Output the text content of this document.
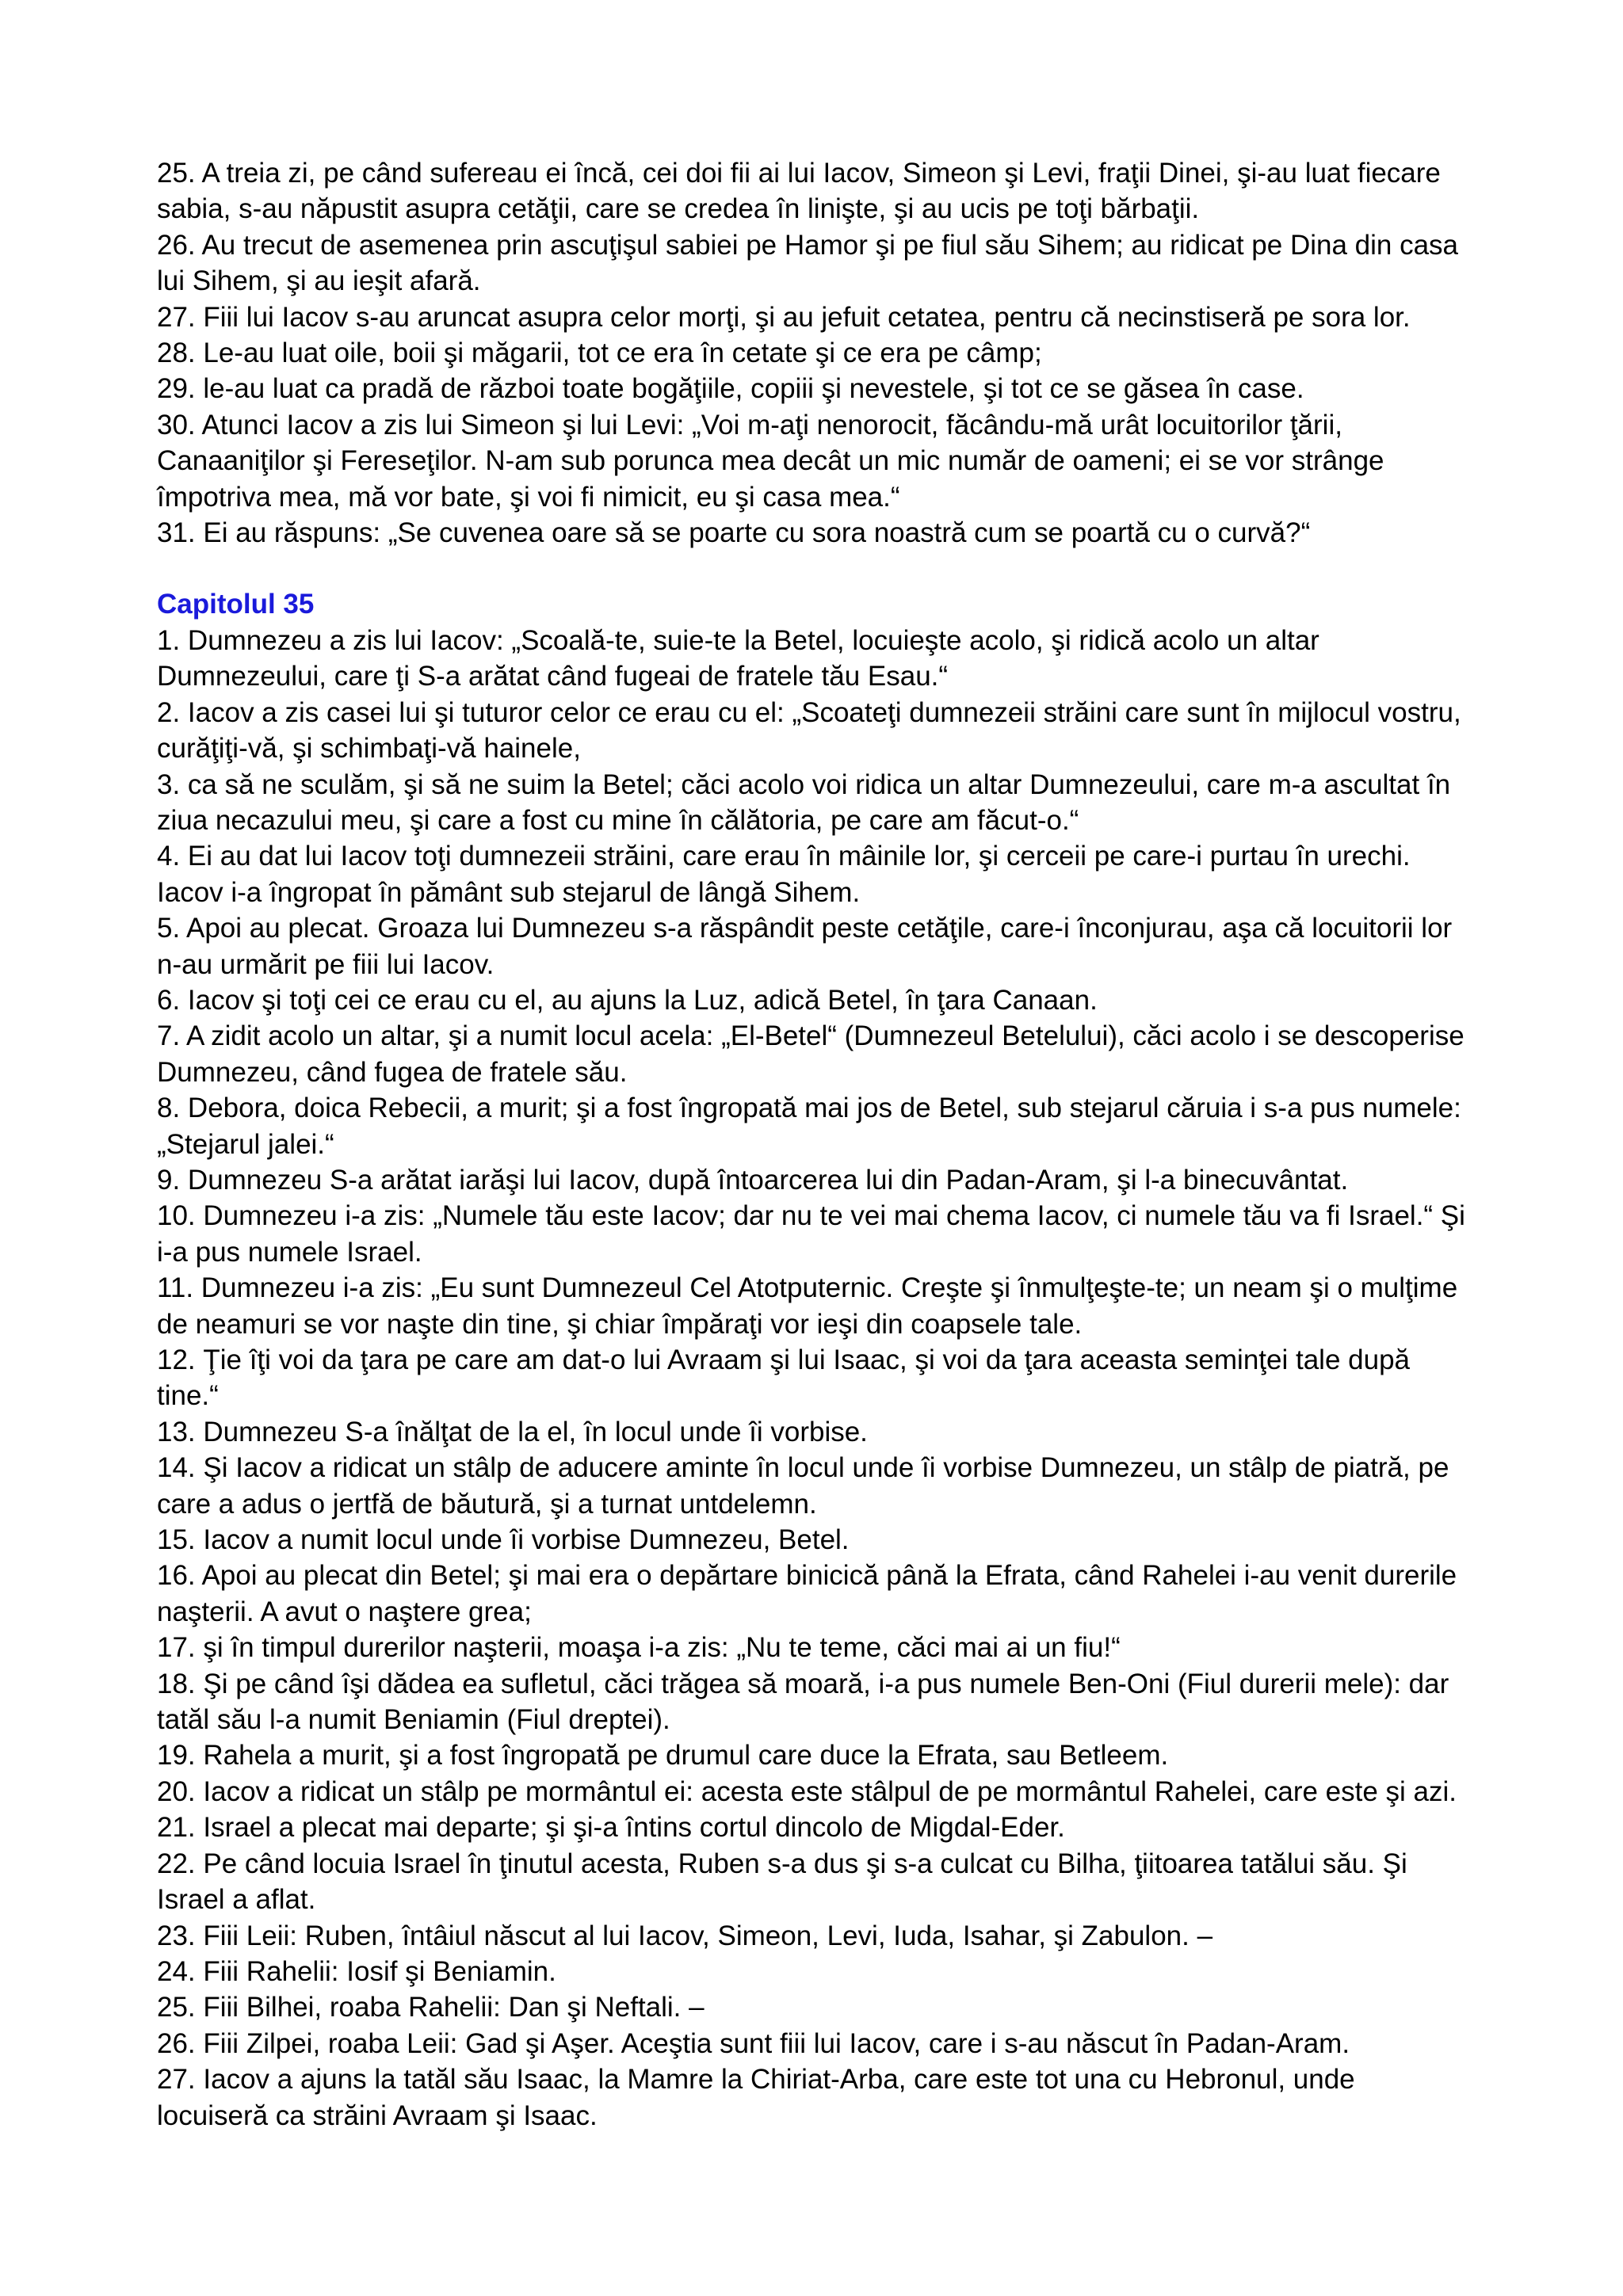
25. A treia zi, pe când sufereau ei încă, cei doi fii ai lui Iacov, Simeon şi Levi, fraţii Dinei, şi-au luat fiecare sabia, s-au năpustit asupra cetăţii, care se credea în linişte, şi au ucis pe toţi bărbaţii.

26. Au trecut de asemenea prin ascuţişul sabiei pe Hamor şi pe fiul său Sihem; au ridicat pe Dina din casa lui Sihem, şi au ieşit afară.

27. Fiii lui Iacov s-au aruncat asupra celor morţi, şi au jefuit cetatea, pentru că necinstiseră pe sora lor.

28. Le-au luat oile, boii şi măgarii, tot ce era în cetate şi ce era pe câmp;

29. le-au luat ca pradă de război toate bogăţiile, copiii şi nevestele, şi tot ce se găsea în case.

30. Atunci Iacov a zis lui Simeon şi lui Levi: „Voi m-aţi nenorocit, făcându-mă urât locuitorilor ţării, Canaaniţilor şi Fereseţilor. N-am sub porunca mea decât un mic număr de oameni; ei se vor strânge împotriva mea, mă vor bate, şi voi fi nimicit, eu şi casa mea.“

31. Ei au răspuns: „Se cuvenea oare să se poarte cu sora noastră cum se poartă cu o curvă?“

Capitolul 35

1. Dumnezeu a zis lui Iacov: „Scoală-te, suie-te la Betel, locuieşte acolo, şi ridică acolo un altar Dumnezeului, care ţi S-a arătat când fugeai de fratele tău Esau.“

2. Iacov a zis casei lui şi tuturor celor ce erau cu el: „Scoateţi dumnezeii străini care sunt în mijlocul vostru, curăţiţi-vă, şi schimbaţi-vă hainele,

3. ca să ne sculăm, şi să ne suim la Betel; căci acolo voi ridica un altar Dumnezeului, care m-a ascultat în ziua necazului meu, şi care a fost cu mine în călătoria, pe care am făcut-o.“

4. Ei au dat lui Iacov toţi dumnezeii străini, care erau în mâinile lor, şi cerceii pe care-i purtau în urechi. Iacov i-a îngropat în pământ sub stejarul de lângă Sihem.

5. Apoi au plecat. Groaza lui Dumnezeu s-a răspândit peste cetăţile, care-i înconjurau, aşa că locuitorii lor n-au urmărit pe fiii lui Iacov.

6. Iacov şi toţi cei ce erau cu el, au ajuns la Luz, adică Betel, în ţara Canaan.

7. A zidit acolo un altar, şi a numit locul acela: „El-Betel“ (Dumnezeul Betelului), căci acolo i se descoperise Dumnezeu, când fugea de fratele său.

8. Debora, doica Rebecii, a murit; şi a fost îngropată mai jos de Betel, sub stejarul căruia i s-a pus numele: „Stejarul jalei.“

9. Dumnezeu S-a arătat iarăşi lui Iacov, după întoarcerea lui din Padan-Aram, şi l-a binecuvântat.

10. Dumnezeu i-a zis: „Numele tău este Iacov; dar nu te vei mai chema Iacov, ci numele tău va fi Israel.“ Şi i-a pus numele Israel.

11. Dumnezeu i-a zis: „Eu sunt Dumnezeul Cel Atotputernic. Creşte şi înmulţeşte-te; un neam şi o mulţime de neamuri se vor naşte din tine, şi chiar împăraţi vor ieşi din coapsele tale.

12. Ţie îţi voi da ţara pe care am dat-o lui Avraam şi lui Isaac, şi voi da ţara aceasta seminţei tale după tine.“

13. Dumnezeu S-a înălţat de la el, în locul unde îi vorbise.

14. Şi Iacov a ridicat un stâlp de aducere aminte în locul unde îi vorbise Dumnezeu, un stâlp de piatră, pe care a adus o jertfă de băutură, şi a turnat untdelemn.

15. Iacov a numit locul unde îi vorbise Dumnezeu, Betel.

16. Apoi au plecat din Betel; şi mai era o depărtare binicică până la Efrata, când Rahelei i-au venit durerile naşterii. A avut o naştere grea;

17. şi în timpul durerilor naşterii, moaşa i-a zis: „Nu te teme, căci mai ai un fiu!“

18. Şi pe când îşi dădea ea sufletul, căci trăgea să moară, i-a pus numele Ben-Oni (Fiul durerii mele): dar tatăl său l-a numit Beniamin (Fiul dreptei).

19. Rahela a murit, şi a fost îngropată pe drumul care duce la Efrata, sau Betleem.

20. Iacov a ridicat un stâlp pe mormântul ei: acesta este stâlpul de pe mormântul Rahelei, care este şi azi.

21. Israel a plecat mai departe; şi şi-a întins cortul dincolo de Migdal-Eder.

22. Pe când locuia Israel în ţinutul acesta, Ruben s-a dus şi s-a culcat cu Bilha, ţiitoarea tatălui său. Şi Israel a aflat.

23. Fiii Leii: Ruben, întâiul născut al lui Iacov, Simeon, Levi, Iuda, Isahar, şi Zabulon. –

24. Fiii Rahelii: Iosif şi Beniamin.

25. Fiii Bilhei, roaba Rahelii: Dan şi Neftali. –

26. Fiii Zilpei, roaba Leii: Gad şi Aşer. Aceştia sunt fiii lui Iacov, care i s-au născut în Padan-Aram.

27. Iacov a ajuns la tatăl său Isaac, la Mamre la Chiriat-Arba, care este tot una cu Hebronul, unde locuiseră ca străini Avraam şi Isaac.
